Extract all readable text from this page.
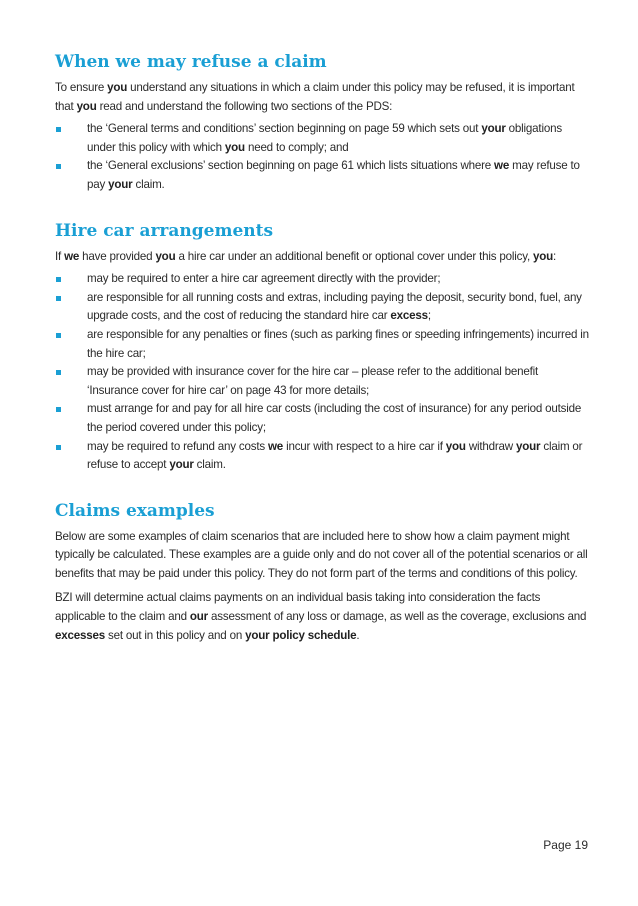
When we may refuse a claim

To ensure you understand any situations in which a claim under this policy may be refused, it is important that you read and understand the following two sections of the PDS:

the ‘General terms and conditions’ section beginning on page 59 which sets out your obligations under this policy with which you need to comply; and
the ‘General exclusions’ section beginning on page 61 which lists situations where we may refuse to pay your claim.
Hire car arrangements

If we have provided you a hire car under an additional benefit or optional cover under this policy, you:

may be required to enter a hire car agreement directly with the provider;
are responsible for all running costs and extras, including paying the deposit, security bond, fuel, any upgrade costs, and the cost of reducing the standard hire car excess;
are responsible for any penalties or fines (such as parking fines or speeding infringements) incurred in the hire car;
may be provided with insurance cover for the hire car – please refer to the additional benefit ‘Insurance cover for hire car’ on page 43 for more details;
must arrange for and pay for all hire car costs (including the cost of insurance) for any period outside the period covered under this policy;
may be required to refund any costs we incur with respect to a hire car if you withdraw your claim or refuse to accept your claim.
Claims examples

Below are some examples of claim scenarios that are included here to show how a claim payment might typically be calculated. These examples are a guide only and do not cover all of the potential scenarios or all benefits that may be paid under this policy. They do not form part of the terms and conditions of this policy.

BZI will determine actual claims payments on an individual basis taking into consideration the facts applicable to the claim and our assessment of any loss or damage, as well as the coverage, exclusions and excesses set out in this policy and on your policy schedule.

Page 19
